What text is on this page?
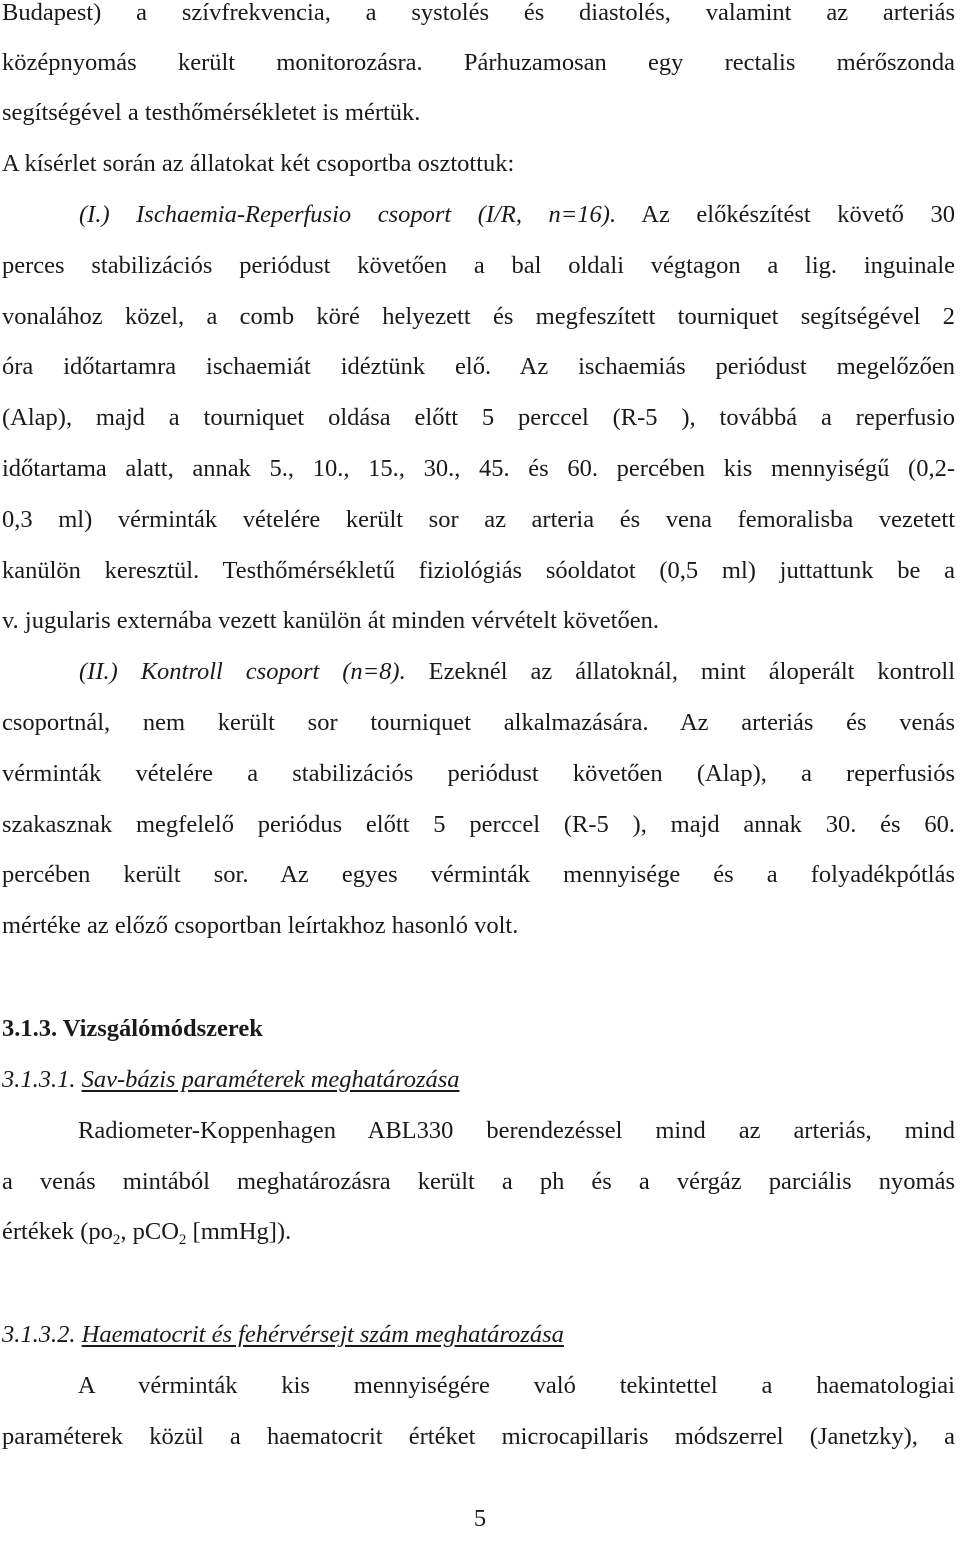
Budapest) a szívfrekvencia, a systolés és diastolés, valamint az arteriás
középnyomás került monitorozásra. Párhuzamosan egy rectalis mérőszonda
segítségével a testhőmérsékletet is mértük.
A kísérlet során az állatokat két csoportba osztottuk:
(I.) Ischaemia-Reperfusio csoport (I/R, n=16). Az előkészítést követő 30
perces stabilizációs periódust követően a bal oldali végtagon a lig. inguinale
vonalához közel, a comb köré helyezett és megfeszített tourniquet segítségével 2
óra időtartamra ischaemiát idéztünk elő. Az ischaemiás periódust megelőzően
(Alap), majd a tourniquet oldása előtt 5 perccel (R-5 ), továbbá a reperfusio
időtartama alatt, annak 5., 10., 15., 30., 45. és 60. percében kis mennyiségű (0,2-
0,3 ml) vérminták vételére került sor az arteria és vena femoralisba vezetett
kanülön keresztül. Testhőmérsékletű fiziológiás sóoldatot (0,5 ml) juttattunk be a
v. jugularis externába vezett kanülön át minden vérvételt követően.
(II.) Kontroll csoport (n=8). Ezeknél az állatoknál, mint áloperált kontroll
csoportnál, nem került sor tourniquet alkalmazására. Az arteriás és venás
vérminták vételére a stabilizációs periódust követően (Alap), a reperfusiós
szakasznak megfelelő periódus előtt 5 perccel (R-5 ), majd annak 30. és 60.
percében került sor. Az egyes vérminták mennyisége és a folyadékpótlás
mértéke az előző csoportban leírtakhoz hasonló volt.
3.1.3. Vizsgálómódszerek
3.1.3.1. Sav-bázis paraméterek meghatározása
Radiometer-Koppenhagen ABL330 berendezéssel mind az arteriás, mind
a venás mintából meghatározásra került a ph és a vérgáz parciális nyomás
értékek ($po_2$, pCO$_2$ [mmHg]).
3.1.3.2. Haematocrit és fehérvérsejt szám meghatározása
A vérminták kis mennyiségére való tekintettel a haematologiai
paraméterek közül a haematocrit értéket microcapillaris módszerrel (Janetzky), a
5
